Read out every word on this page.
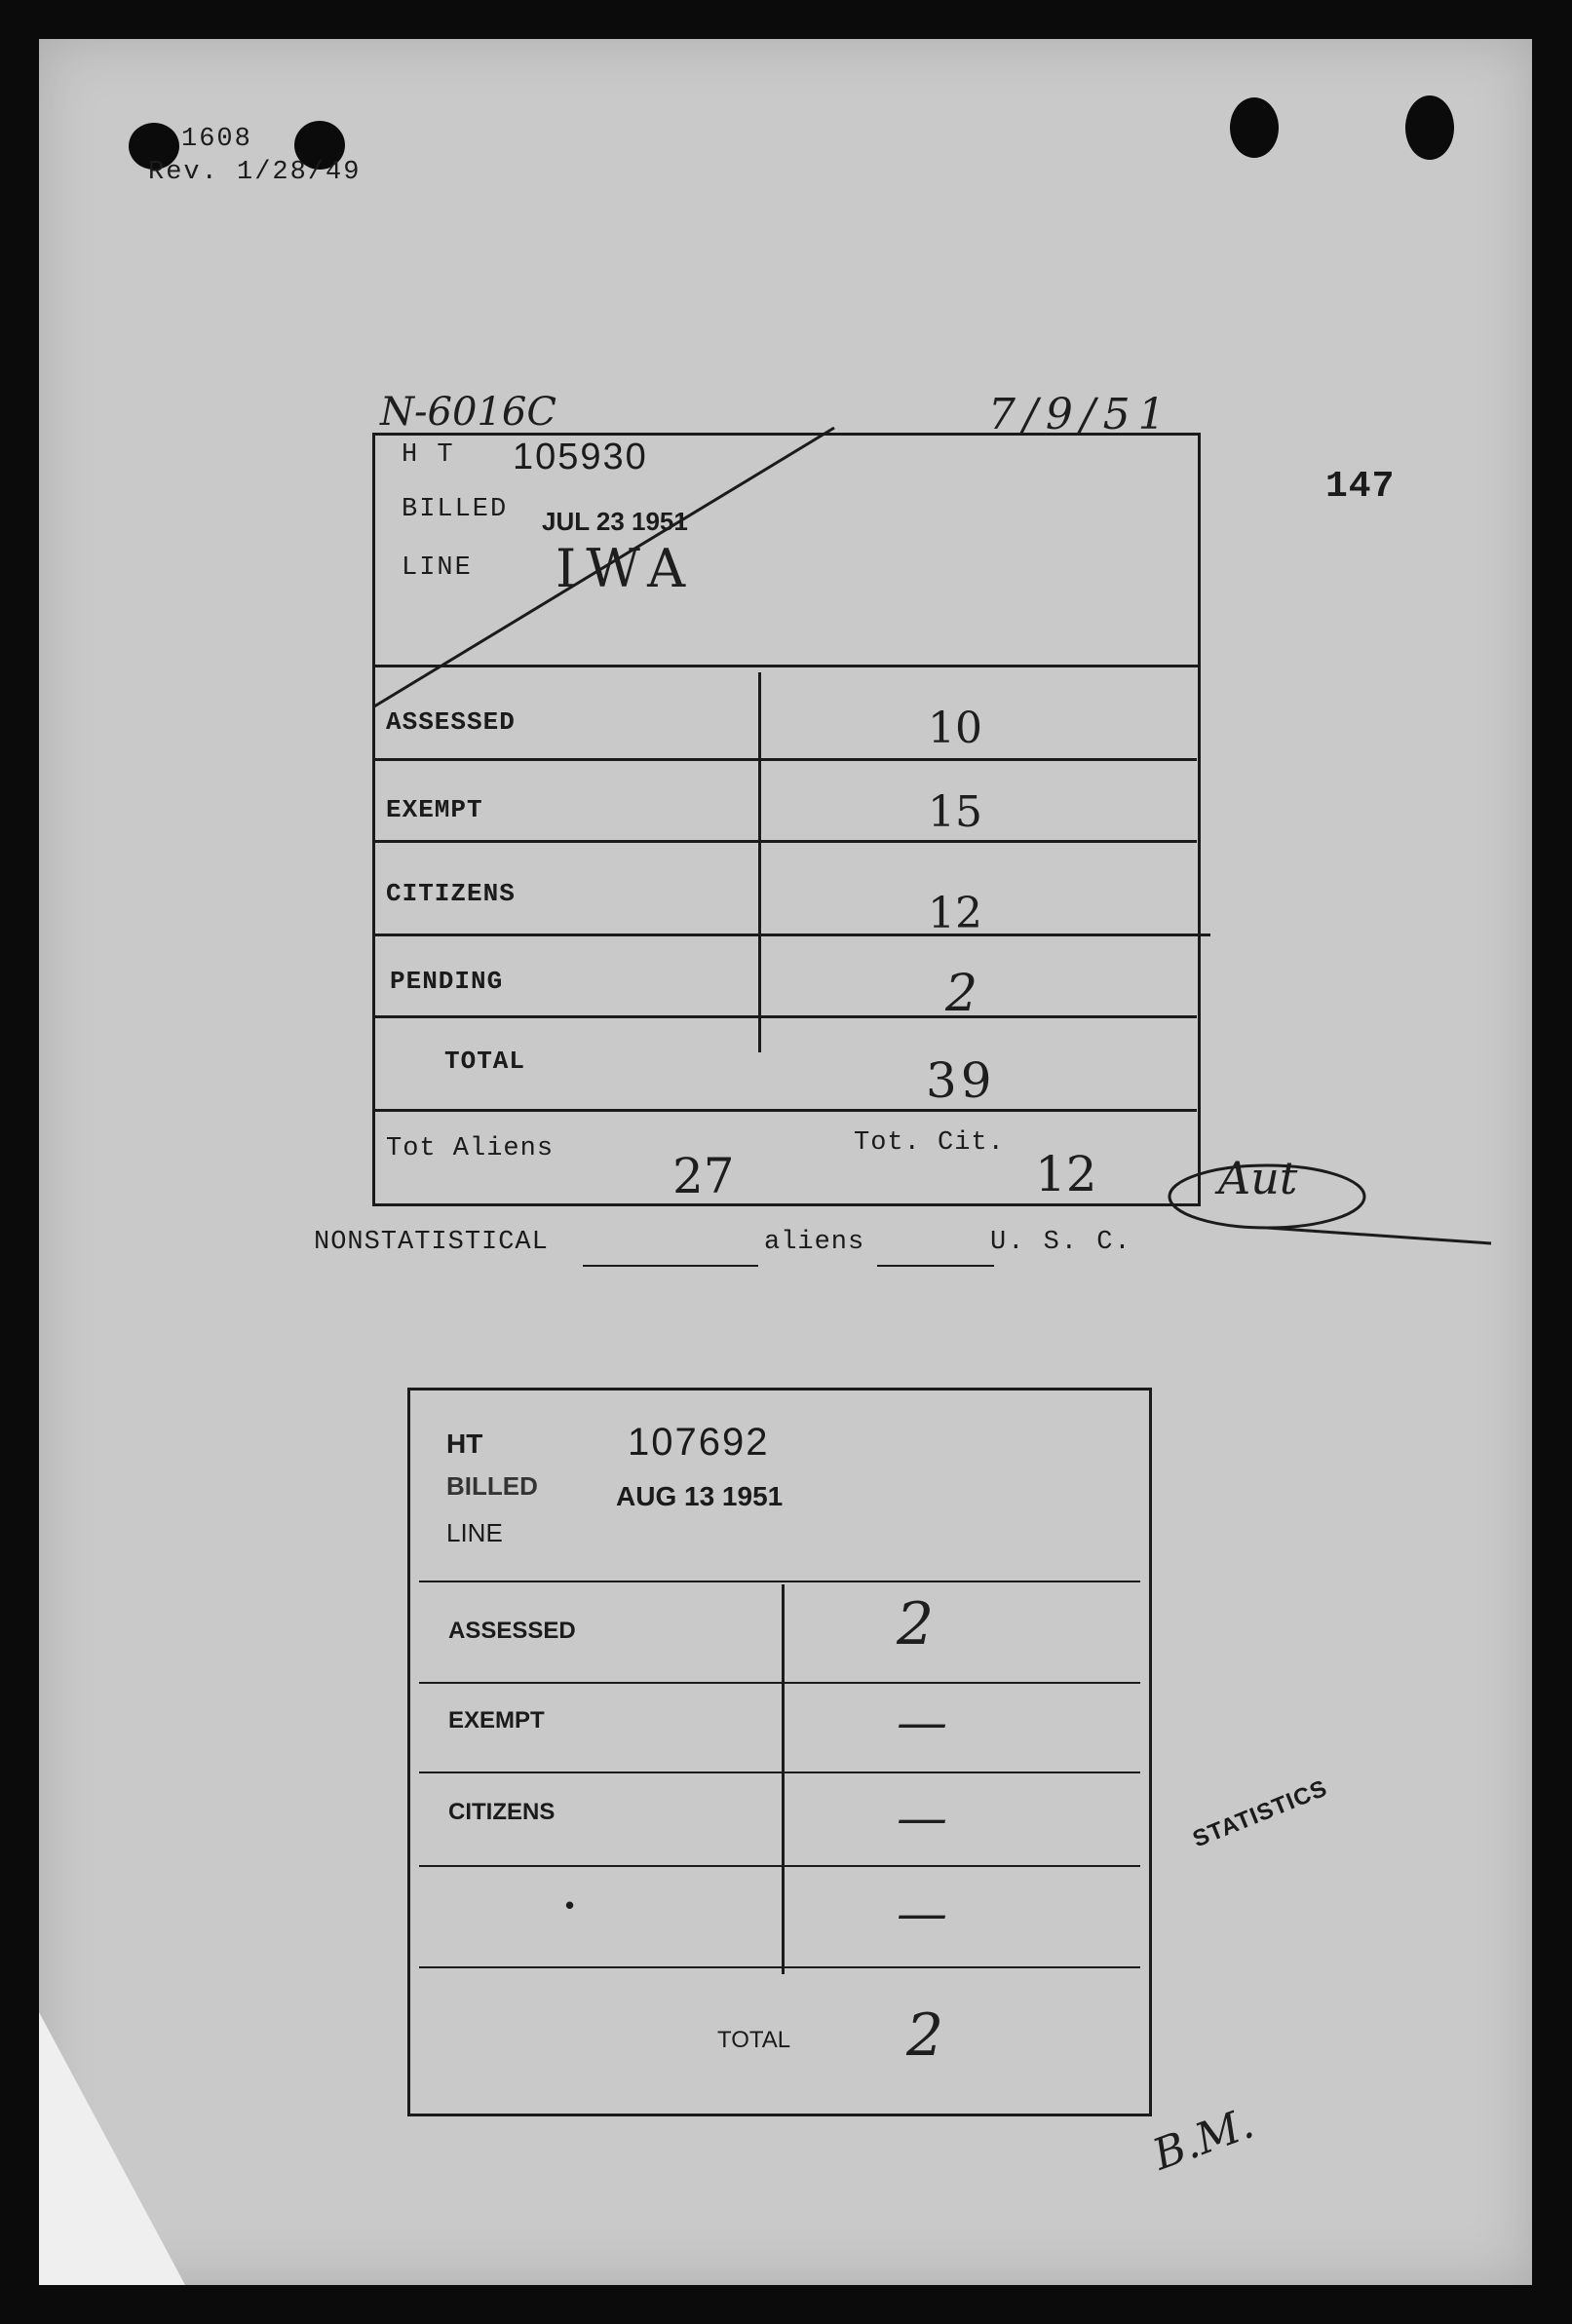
1608
Rev. 1/28/49
147
N-6016C	7/9/51
H T 105930
BILLED JUL 23 1951
LINE IWA
ASSESSED	10
EXEMPT	15
CITIZENS	12
PENDING	2
TOTAL	39
Tot Aliens 27
Tot. Cit.
12	Aut
NONSTATISTICAL	aliens	U. S. C.
HT	107692
BILLED	AUG 13 1951
LINE
ASSESSED	2
EXEMPT	—
CITIZENS	—
•	—
TOTAL 2
B.M.
STATISTICS
